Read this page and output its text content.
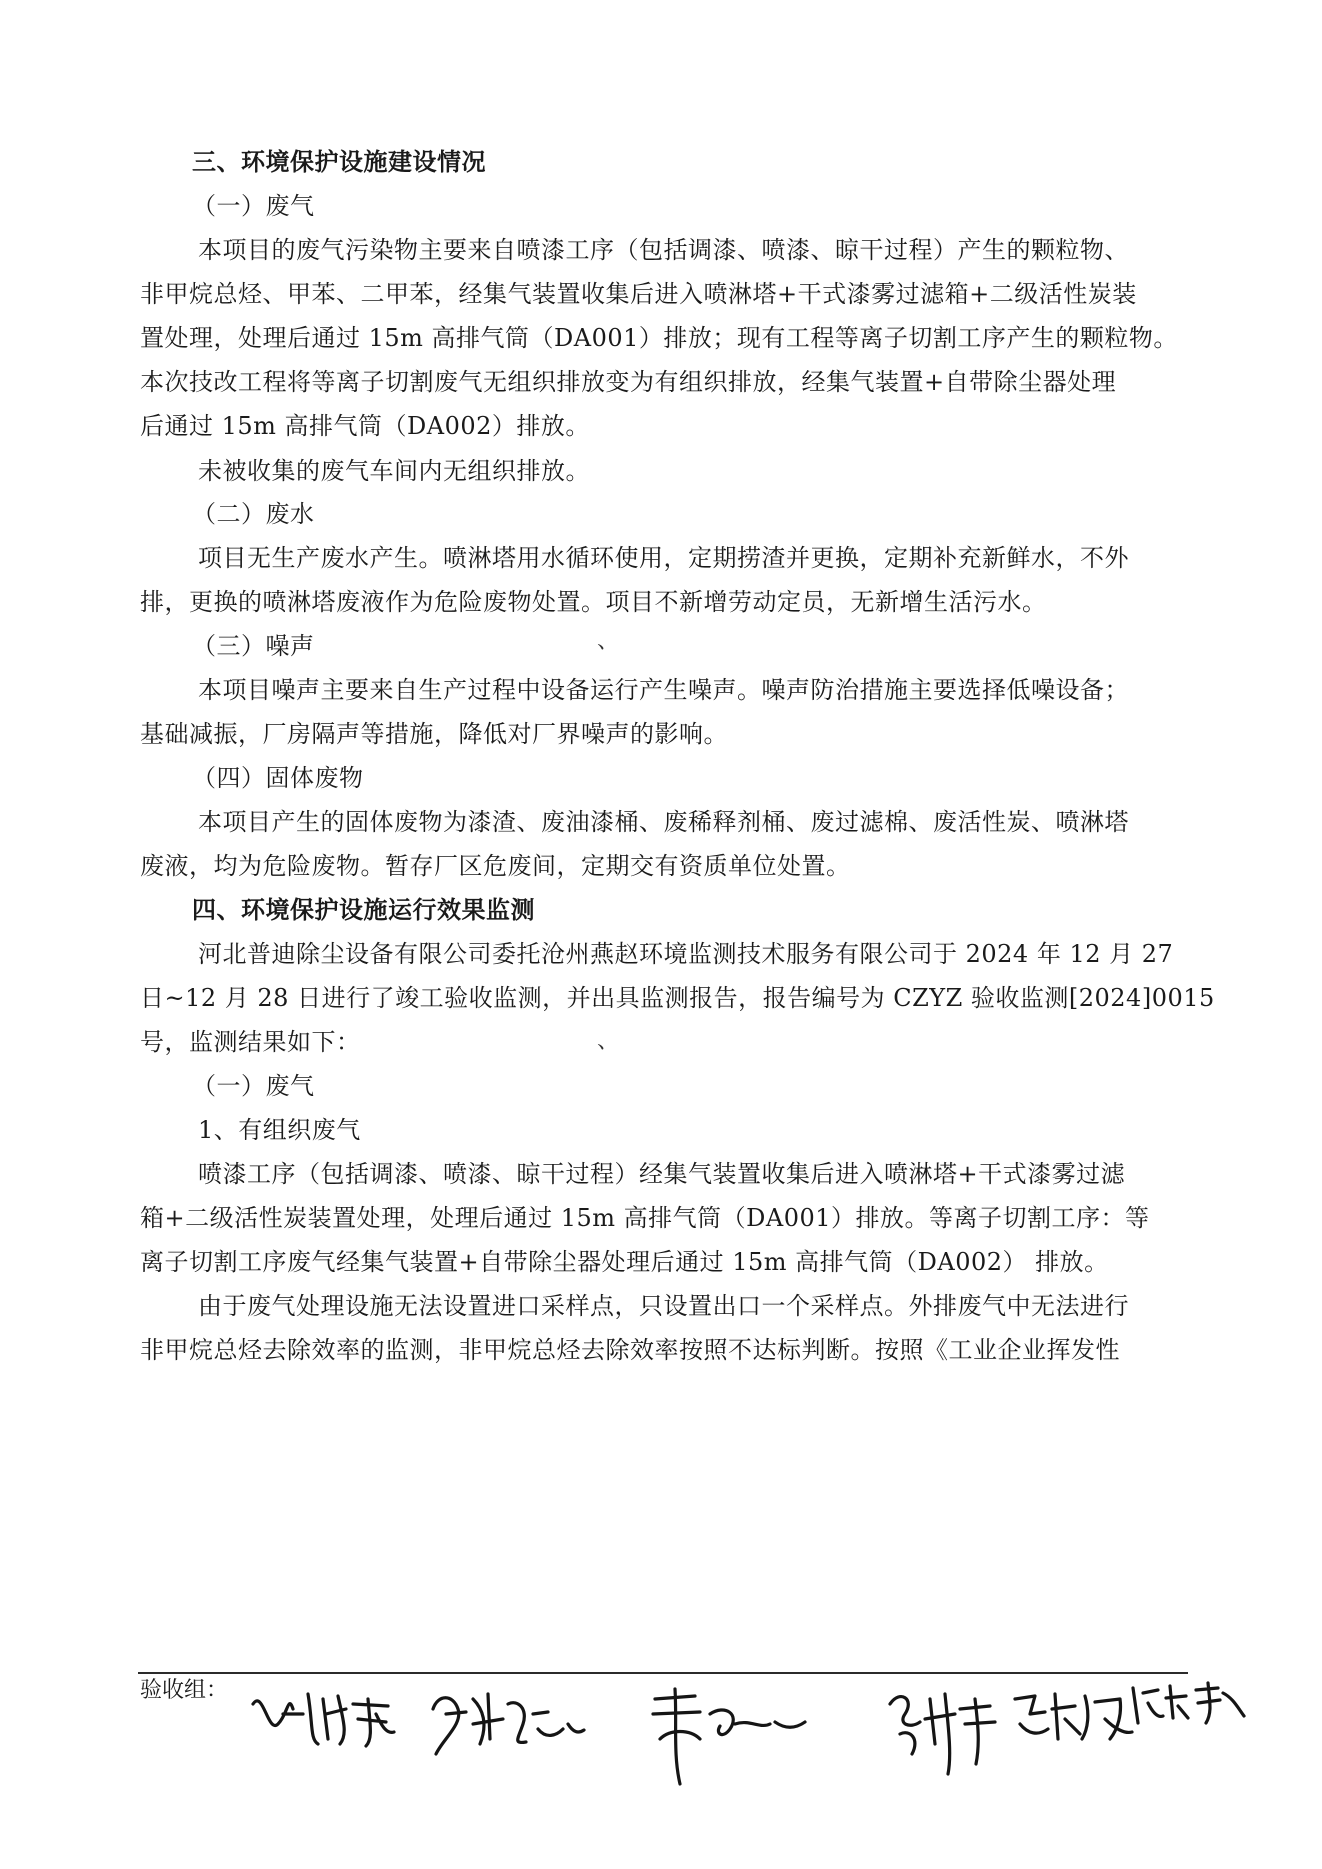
三、环境保护设施建设情况
（一）废气
本项目的废气污染物主要来自喷漆工序（包括调漆、喷漆、晾干过程）产生的颗粒物、
非甲烷总烃、甲苯、二甲苯，经集气装置收集后进入喷淋塔+干式漆雾过滤箱+二级活性炭装
置处理，处理后通过 15m 高排气筒（DA001）排放；现有工程等离子切割工序产生的颗粒物。
本次技改工程将等离子切割废气无组织排放变为有组织排放，经集气装置+自带除尘器处理
后通过 15m 高排气筒（DA002）排放。
未被收集的废气车间内无组织排放。
（二）废水
项目无生产废水产生。喷淋塔用水循环使用，定期捞渣并更换，定期补充新鲜水，不外
排，更换的喷淋塔废液作为危险废物处置。项目不新增劳动定员，无新增生活污水。
（三）噪声	、
本项目噪声主要来自生产过程中设备运行产生噪声。噪声防治措施主要选择低噪设备；
基础减振，厂房隔声等措施，降低对厂界噪声的影响。
（四）固体废物
本项目产生的固体废物为漆渣、废油漆桶、废稀释剂桶、废过滤棉、废活性炭、喷淋塔
废液，均为危险废物。暂存厂区危废间，定期交有资质单位处置。
四、环境保护设施运行效果监测
河北普迪除尘设备有限公司委托沧州燕赵环境监测技术服务有限公司于 2024 年 12 月 27
日~12 月 28 日进行了竣工验收监测，并出具监测报告，报告编号为 CZYZ 验收监测[2024]0015
号，监测结果如下：	、
（一）废气
1、有组织废气
喷漆工序（包括调漆、喷漆、晾干过程）经集气装置收集后进入喷淋塔+干式漆雾过滤
箱+二级活性炭装置处理，处理后通过 15m 高排气筒（DA001）排放。等离子切割工序：等
离子切割工序废气经集气装置+自带除尘器处理后通过 15m 高排气筒（DA002） 排放。
由于废气处理设施无法设置进口采样点，只设置出口一个采样点。外排废气中无法进行
非甲烷总烃去除效率的监测，非甲烷总烃去除效率按照不达标判断。按照《工业企业挥发性
验收组：
